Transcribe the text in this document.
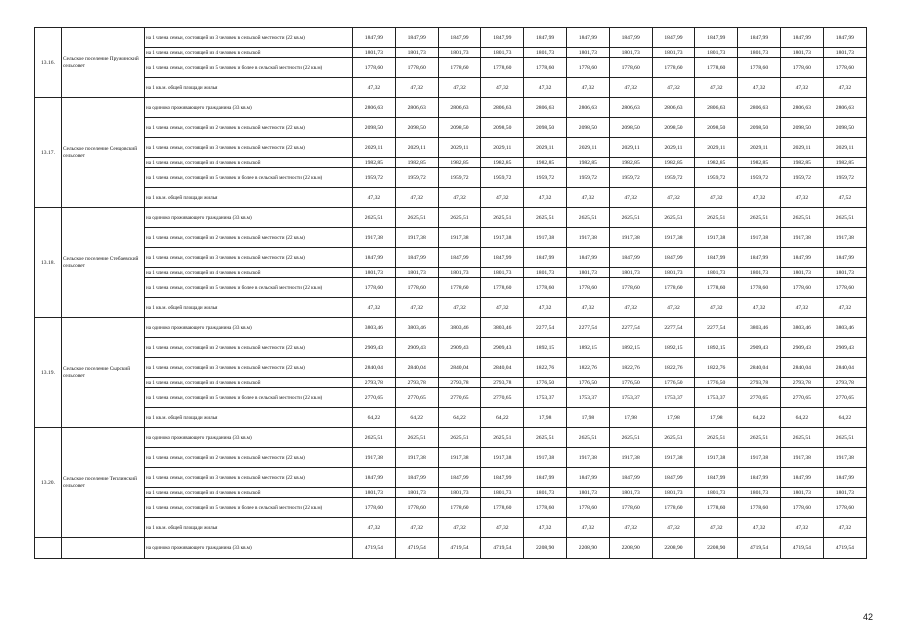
13.16.	Сельское поселение Пружинский сельсовет	на 1 члена семьи, состоящей из 3 человек в сельской местности (22 кв.м)	1847,99	1847,99	1847,99	1847,99	1847,99	1847,99	1847,99	1847,99	1847,99	1847,99	1847,99	1847,99
		на 1 члена семьи, состоящей из 4 человек в сельской	1801,73	1801,73	1801,73	1801,73	1801,73	1801,73	1801,73	1801,73	1801,73	1801,73	1801,73	1801,73
		на 1 члена семьи, состоящей из 5 человек и более в сельской местности (22 кв.м)	1778,60	1778,60	1778,60	1778,60	1778,60	1778,60	1778,60	1778,60	1778,60	1778,60	1778,60	1778,60
		на 1 кв.м. общей площади жилья	47,32	47,32	47,32	47,32	47,32	47,32	47,32	47,32	47,32	47,32	47,32	47,32
13.17.	Сельское поселение Сенцовский сельсовет	на одиноко проживающего гражданина (33 кв.м)	2806,63	2806,63	2806,63	2806,63	2806,63	2806,63	2806,63	2806,63	2806,63	2806,63	2806,63	2806,63
		на 1 члена семьи, состоящей из 2 человек в сельской местности (22 кв.м)	2098,50	2098,50	2098,50	2098,50	2098,50	2098,50	2098,50	2098,50	2098,50	2098,50	2098,50	2098,50
		на 1 члена семьи, состоящей из 3 человек в сельской местности (22 кв.м)	2029,11	2029,11	2029,11	2029,11	2029,11	2029,11	2029,11	2029,11	2029,11	2029,11	2029,11	2029,11
		на 1 члена семьи, состоящей из 4 человек в сельской	1982,85	1982,85	1982,85	1982,85	1982,85	1982,85	1982,85	1982,85	1982,85	1982,85	1982,85	1982,85
		на 1 члена семьи, состоящей из 5 человек и более в сельской местности (22 кв.м)	1959,72	1959,72	1959,72	1959,72	1959,72	1959,72	1959,72	1959,72	1959,72	1959,72	1959,72	1959,72
		на 1 кв.м. общей площади жилья	47,32	47,32	47,32	47,32	47,32	47,32	47,32	47,32	47,32	47,32	47,32	47,52
13.18.	Сельское поселение Стебаевский сельсовет	на одиноко проживающего гражданина (33 кв.м)	2625,51	2625,51	2625,51	2625,51	2625,51	2625,51	2625,51	2625,51	2625,51	2625,51	2625,51	2625,51
		на 1 члена семьи, состоящей из 2 человек в сельской местности (22 кв.м)	1917,38	1917,38	1917,38	1917,38	1917,38	1917,38	1917,38	1917,38	1917,38	1917,38	1917,38	1917,38
		на 1 члена семьи, состоящей из 3 человек в сельской местности (22 кв.м)	1847,99	1847,99	1847,99	1847,99	1847,99	1847,99	1847,99	1847,99	1847,99	1847,99	1847,99	1847,99
		на 1 члена семьи, состоящей из 4 человек в сельской	1801,73	1801,73	1801,73	1801,73	1801,73	1801,73	1801,73	1801,73	1801,73	1801,73	1801,73	1801,73
		на 1 члена семьи, состоящей из 5 человек и более в сельской местности (22 кв.м)	1778,60	1778,60	1778,60	1778,60	1778,60	1778,60	1778,60	1778,60	1778,60	1778,60	1778,60	1778,60
		на 1 кв.м. общей площади жилья	47,32	47,32	47,32	47,32	47,32	47,32	47,32	47,32	47,32	47,32	47,32	47,32
13.19.	Сельское поселение Сырский сельсовет	на одиноко проживающего гражданина (33 кв.м)	3803,46	3803,46	3803,46	3803,46	2277,54	2277,54	2277,54	2277,54	2277,54	3803,46	3803,46	3803,46
		на 1 члена семьи, состоящей из 2 человек в сельской местности (22 кв.м)	2909,43	2909,43	2909,43	2909,43	1892,15	1892,15	1892,15	1892,15	1892,15	2909,43	2909,43	2909,43
		на 1 члена семьи, состоящей из 3 человек в сельской местности (22 кв.м)	2840,04	2840,04	2840,04	2840,04	1822,76	1822,76	1822,76	1822,76	1822,76	2840,04	2840,04	2840,04
		на 1 члена семьи, состоящей из 4 человек в сельской	2793,78	2793,78	2793,78	2793,78	1776,50	1776,50	1776,50	1776,50	1776,50	2793,78	2793,78	2793,78
		на 1 члена семьи, состоящей из 5 человек и более в сельской местности (22 кв.м)	2770,65	2770,65	2770,65	2770,65	1753,37	1753,37	1753,37	1753,37	1753,37	2770,65	2770,65	2770,65
		на 1 кв.м. общей площади жилья	64,22	64,22	64,22	64,22	17,98	17,98	17,98	17,98	17,98	64,22	64,22	64,22
13.20.	Сельское поселение Теплинский сельсовет	на одиноко проживающего гражданина (33 кв.м)	2625,51	2625,51	2625,51	2625,51	2625,51	2625,51	2625,51	2625,51	2625,51	2625,51	2625,51	2625,51
		на 1 члена семьи, состоящей из 2 человек в сельской местности (22 кв.м)	1917,38	1917,38	1917,38	1917,38	1917,38	1917,38	1917,38	1917,38	1917,38	1917,38	1917,38	1917,38
		на 1 члена семьи, состоящей из 3 человек в сельской местности (22 кв.м)	1847,99	1847,99	1847,99	1847,99	1847,99	1847,99	1847,99	1847,99	1847,99	1847,99	1847,99	1847,99
		на 1 члена семьи, состоящей из 4 человек в сельской	1801,73	1801,73	1801,73	1801,73	1801,73	1801,73	1801,73	1801,73	1801,73	1801,73	1801,73	1801,73
		на 1 члена семьи, состоящей из 5 человек и более в сельской местности (22 кв.м)	1778,60	1778,60	1778,60	1778,60	1778,60	1778,60	1778,60	1778,60	1778,60	1778,60	1778,60	1778,60
		на 1 кв.м. общей площади жилья	47,32	47,32	47,32	47,32	47,32	47,32	47,32	47,32	47,32	47,32	47,32	47,32
		на одиноко проживающего гражданина (33 кв.м)	4719,54	4719,54	4719,54	4719,54	2208,90	2208,90	2208,90	2208,90	2208,90	4719,54	4719,54	4719,54
42
